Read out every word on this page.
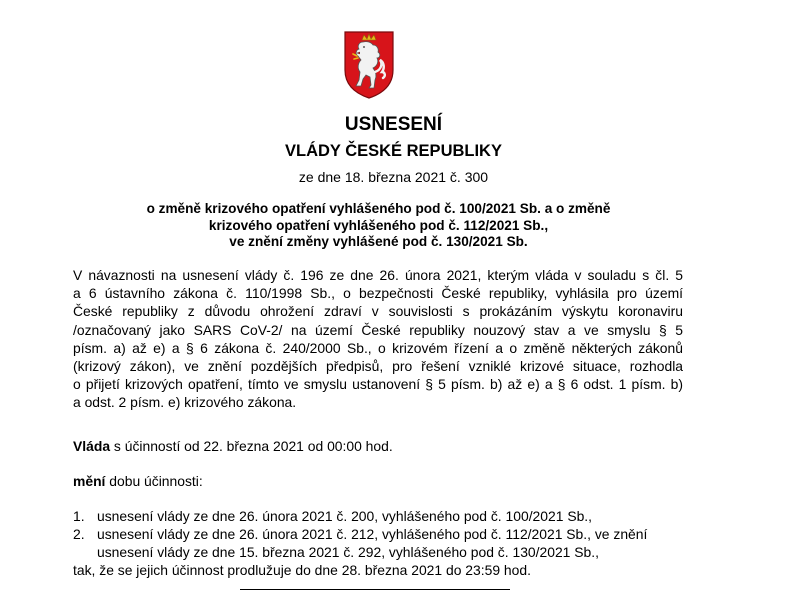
USNESENÍ
VLÁDY ČESKÉ REPUBLIKY
ze dne 18. března 2021 č. 300
o změně krizového opatření vyhlášeného pod č. 100/2021 Sb. a o změně
krizového opatření vyhlášeného pod č. 112/2021 Sb.,
ve znění změny vyhlášené pod č. 130/2021 Sb.
V návaznosti na usnesení vlády č. 196 ze dne 26. února 2021, kterým vláda v souladu s čl. 5
a 6 ústavního zákona č. 110/1998 Sb., o bezpečnosti České republiky, vyhlásila pro území
České republiky z důvodu ohrožení zdraví v souvislosti s prokázáním výskytu koronaviru
/označovaný jako SARS CoV-2/ na území České republiky nouzový stav a ve smyslu § 5
písm. a) až e) a § 6 zákona č. 240/2000 Sb., o krizovém řízení a o změně některých zákonů
(krizový zákon), ve znění pozdějších předpisů, pro řešení vzniklé krizové situace, rozhodla
o přijetí krizových opatření, tímto ve smyslu ustanovení § 5 písm. b) až e) a § 6 odst. 1 písm. b)
a odst. 2 písm. e) krizového zákona.
Vláda s účinností od 22. března 2021 od 00:00 hod.
mění dobu účinnosti:
1. usnesení vlády ze dne 26. února 2021 č. 200, vyhlášeného pod č. 100/2021 Sb.,
2. usnesení vlády ze dne 26. února 2021 č. 212, vyhlášeného pod č. 112/2021 Sb., ve znění
usnesení vlády ze dne 15. března 2021 č. 292, vyhlášeného pod č. 130/2021 Sb.,
tak, že se jejich účinnost prodlužuje do dne 28. března 2021 do 23:59 hod.
